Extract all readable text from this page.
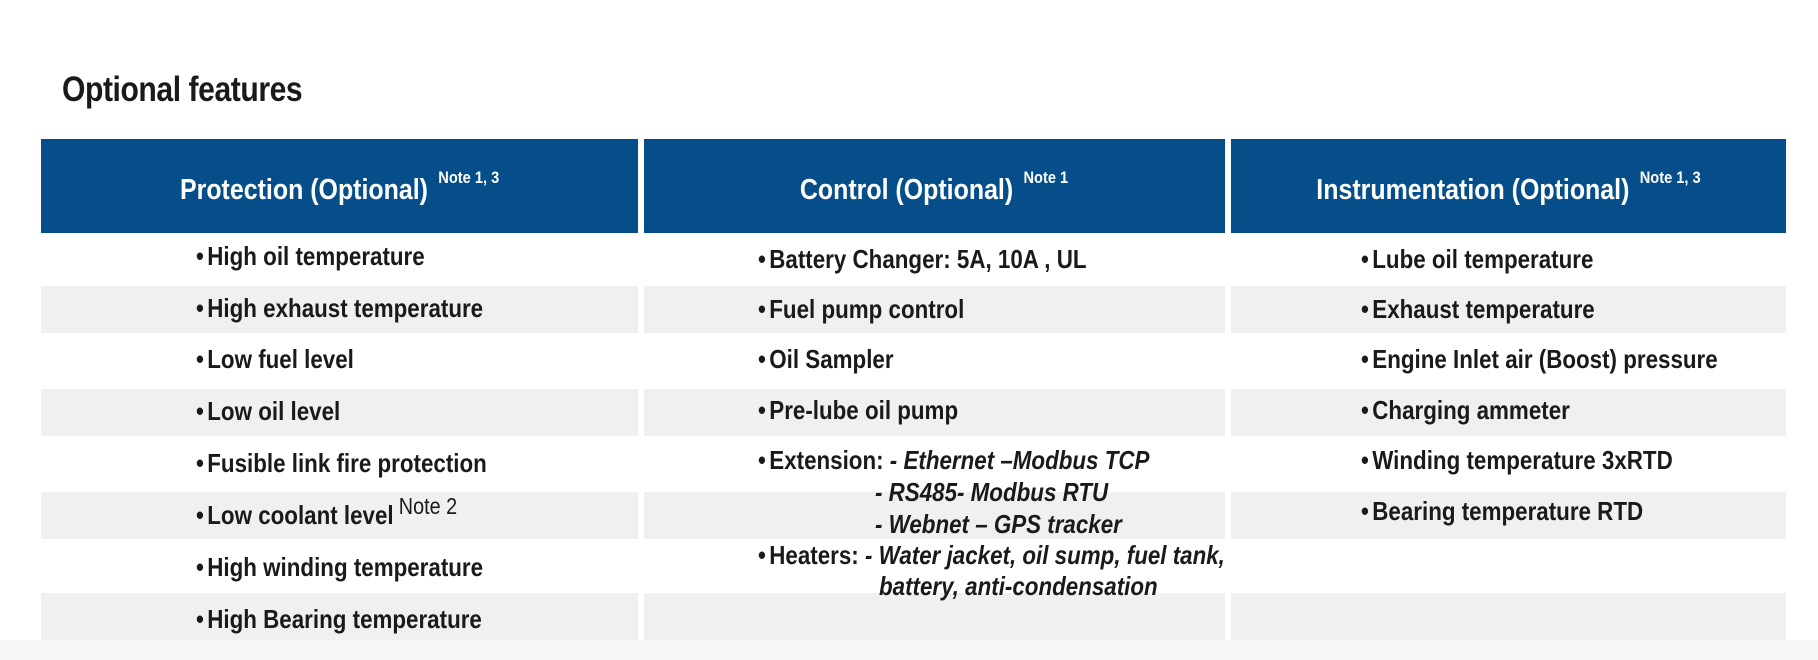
Optional features
Protection (Optional) Note 1, 3
• High oil temperature
• High exhaust temperature
• Low fuel level
• Low oil level
• Fusible link fire protection
• Low coolant level Note 2
• High winding temperature
• High Bearing temperature
Control (Optional) Note 1
• Battery Changer: 5A, 10A , UL
• Fuel pump control
• Oil Sampler
• Pre-lube oil pump
• Extension: - Ethernet –Modbus TCP
- RS485- Modbus RTU
- Webnet – GPS tracker
• Heaters: - Water jacket, oil sump, fuel tank,
battery, anti-condensation
Instrumentation (Optional) Note 1, 3
• Lube oil temperature
• Exhaust temperature
• Engine Inlet air (Boost) pressure
• Charging ammeter
• Winding temperature 3xRTD
• Bearing temperature RTD
